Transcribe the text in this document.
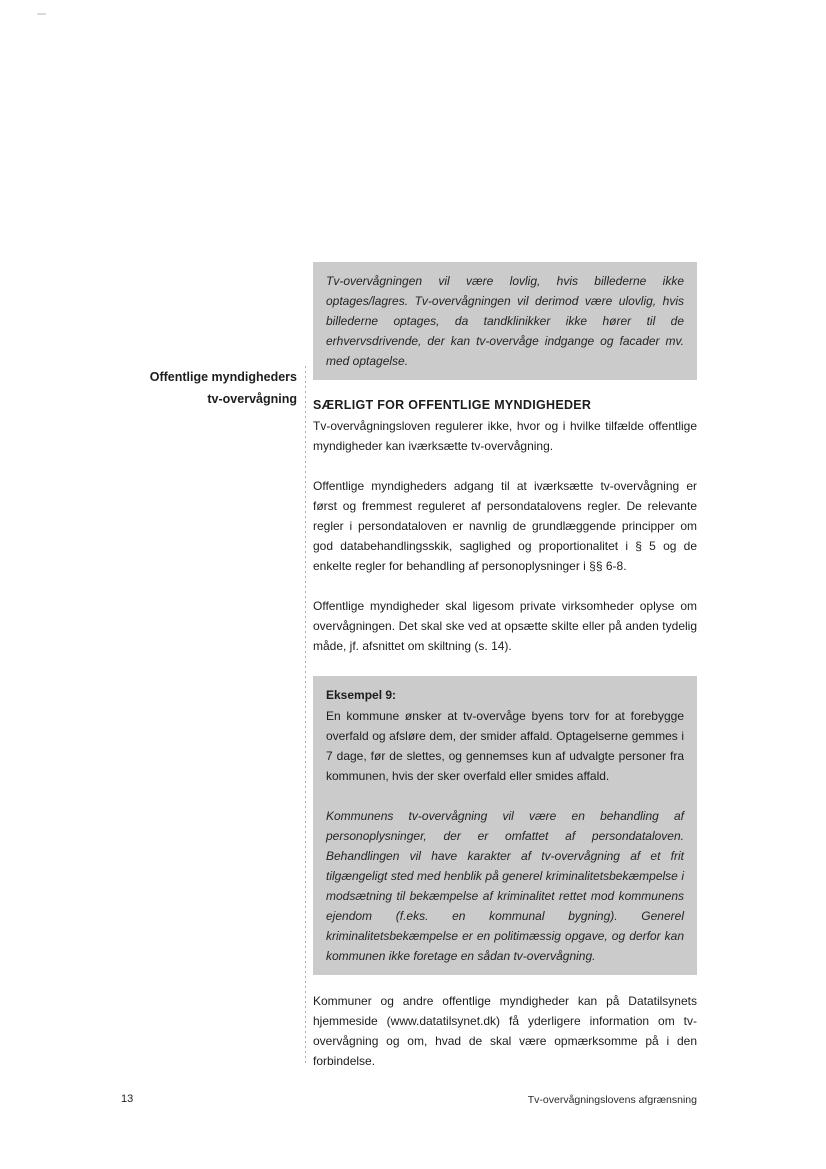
Offentlige myndigheders
tv-overvågning
Tv-overvågningen vil være lovlig, hvis billederne ikke optages/lagres. Tv-overvågningen vil derimod være ulovlig, hvis billederne optages, da tandklinikker ikke hører til de erhvervsdrivende, der kan tv-overvåge indgange og facader mv. med optagelse.
SÆRLIGT FOR OFFENTLIGE MYNDIGHEDER

Tv-overvågningsloven regulerer ikke, hvor og i hvilke tilfælde offentlige myndigheder kan iværksætte tv-overvågning.

Offentlige myndigheders adgang til at iværksætte tv-overvågning er først og fremmest reguleret af persondatalovens regler. De relevante regler i persondataloven er navnlig de grundlæggende principper om god databehandlingsskik, saglighed og proportionalitet i § 5 og de enkelte regler for behandling af personoplysninger i §§ 6-8.

Offentlige myndigheder skal ligesom private virksomheder oplyse om overvågningen. Det skal ske ved at opsætte skilte eller på anden tydelig måde, jf. afsnittet om skiltning (s. 14).

Eksempel 9:

En kommune ønsker at tv-overvåge byens torv for at forebygge overfald og afsløre dem, der smider affald. Optagelserne gemmes i 7 dage, før de slettes, og gennemses kun af udvalgte personer fra kommunen, hvis der sker overfald eller smides affald.

Kommunens tv-overvågning vil være en behandling af personoplysninger, der er omfattet af persondataloven. Behandlingen vil have karakter af tv-overvågning af et frit tilgængeligt sted med henblik på generel kriminalitetsbekæmpelse i modsætning til bekæmpelse af kriminalitet rettet mod kommunens ejendom (f.eks. en kommunal bygning). Generel kriminalitetsbekæmpelse er en politimæssig opgave, og derfor kan kommunen ikke foretage en sådan tv-overvågning.

Kommuner og andre offentlige myndigheder kan på Datatilsynets hjemmeside (www.datatilsynet.dk) få yderligere information om tv-overvågning og om, hvad de skal være opmærksomme på i den forbindelse.

13	Tv-overvågningslovens afgrænsning
